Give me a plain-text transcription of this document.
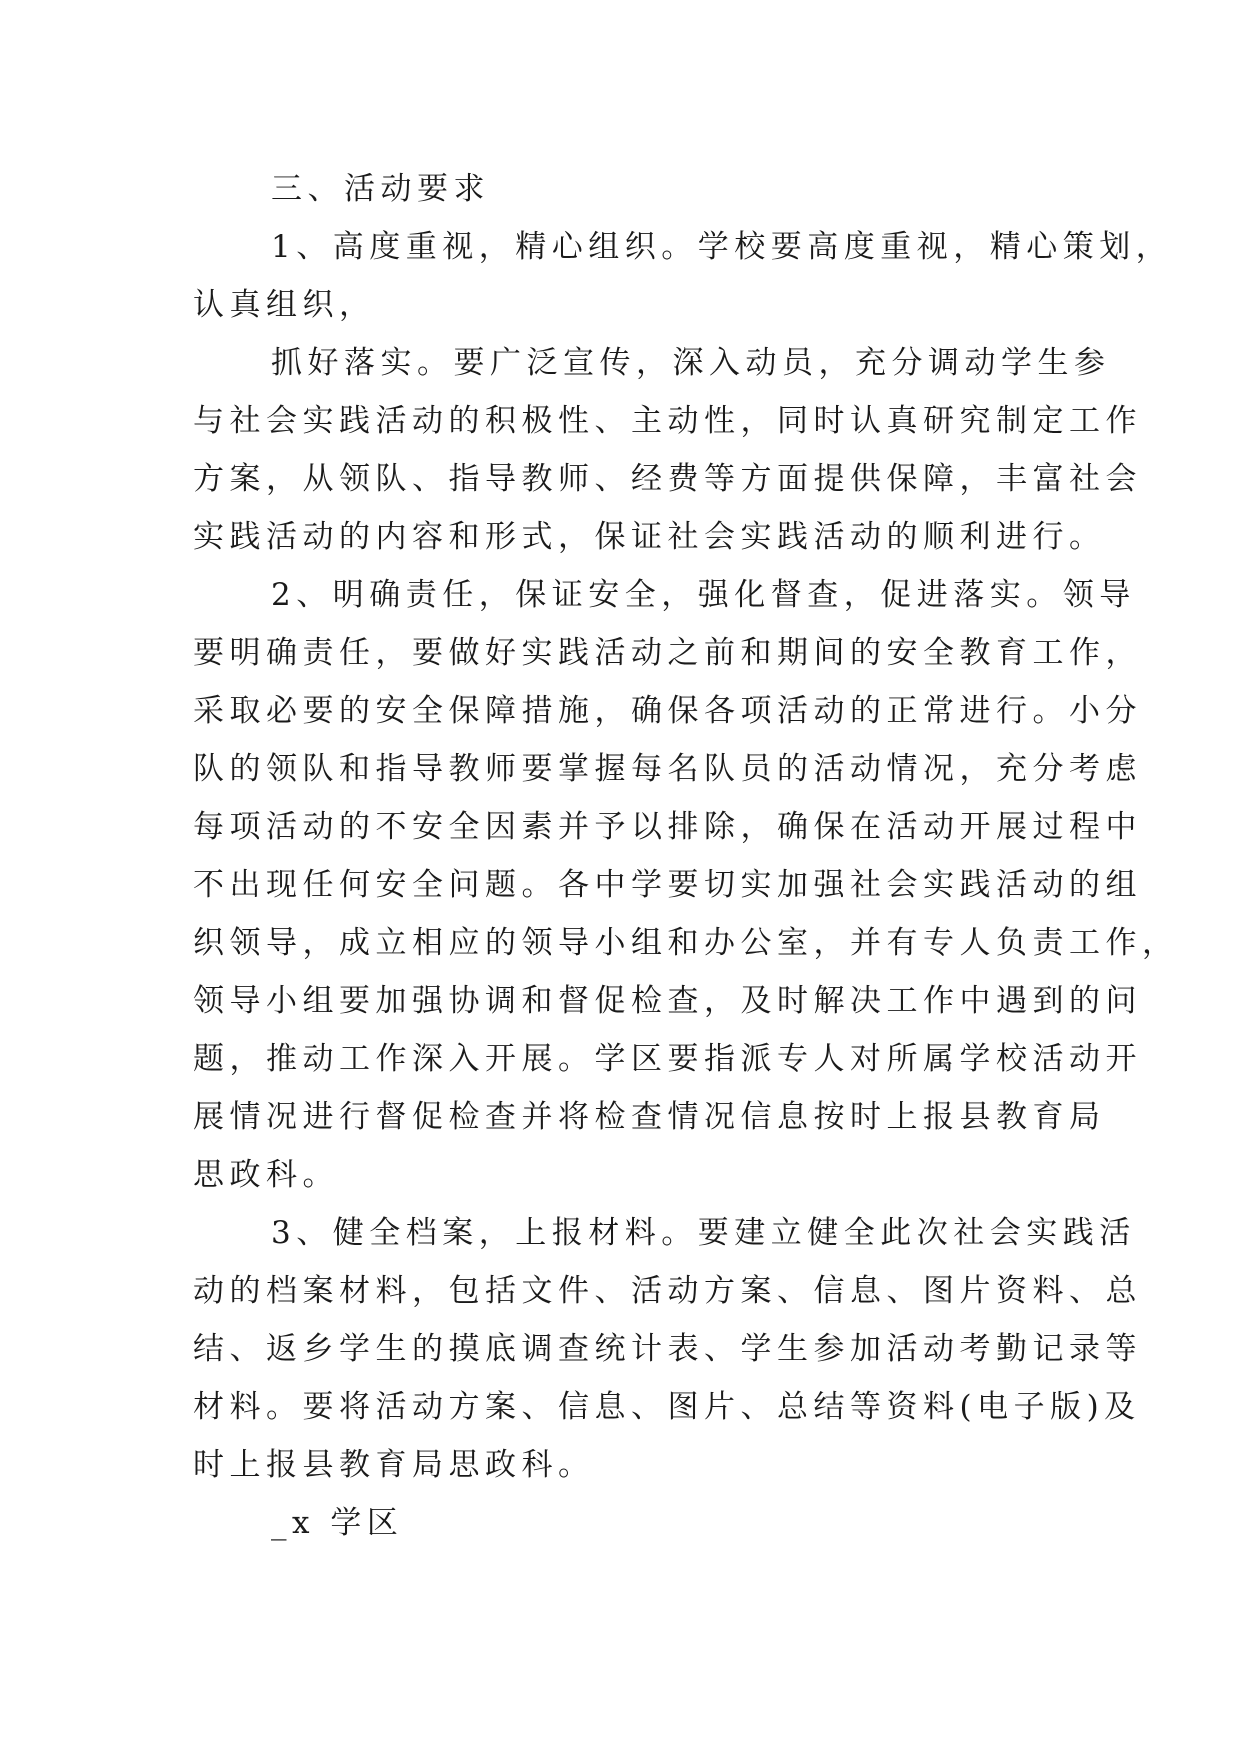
三、活动要求

1、高度重视，精心组织。学校要高度重视，精心策划，

认真组织，

抓好落实。要广泛宣传，深入动员，充分调动学生参

与社会实践活动的积极性、主动性，同时认真研究制定工作

方案，从领队、指导教师、经费等方面提供保障，丰富社会

实践活动的内容和形式，保证社会实践活动的顺利进行。

2、明确责任，保证安全，强化督查，促进落实。领导

要明确责任，要做好实践活动之前和期间的安全教育工作，

采取必要的安全保障措施，确保各项活动的正常进行。小分

队的领队和指导教师要掌握每名队员的活动情况，充分考虑

每项活动的不安全因素并予以排除，确保在活动开展过程中

不出现任何安全问题。各中学要切实加强社会实践活动的组

织领导，成立相应的领导小组和办公室，并有专人负责工作，

领导小组要加强协调和督促检查，及时解决工作中遇到的问

题，推动工作深入开展。学区要指派专人对所属学校活动开

展情况进行督促检查并将检查情况信息按时上报县教育局

思政科。

3、健全档案，上报材料。要建立健全此次社会实践活

动的档案材料，包括文件、活动方案、信息、图片资料、总

结、返乡学生的摸底调查统计表、学生参加活动考勤记录等

材料。要将活动方案、信息、图片、总结等资料(电子版)及

时上报县教育局思政科。

_x 学区
